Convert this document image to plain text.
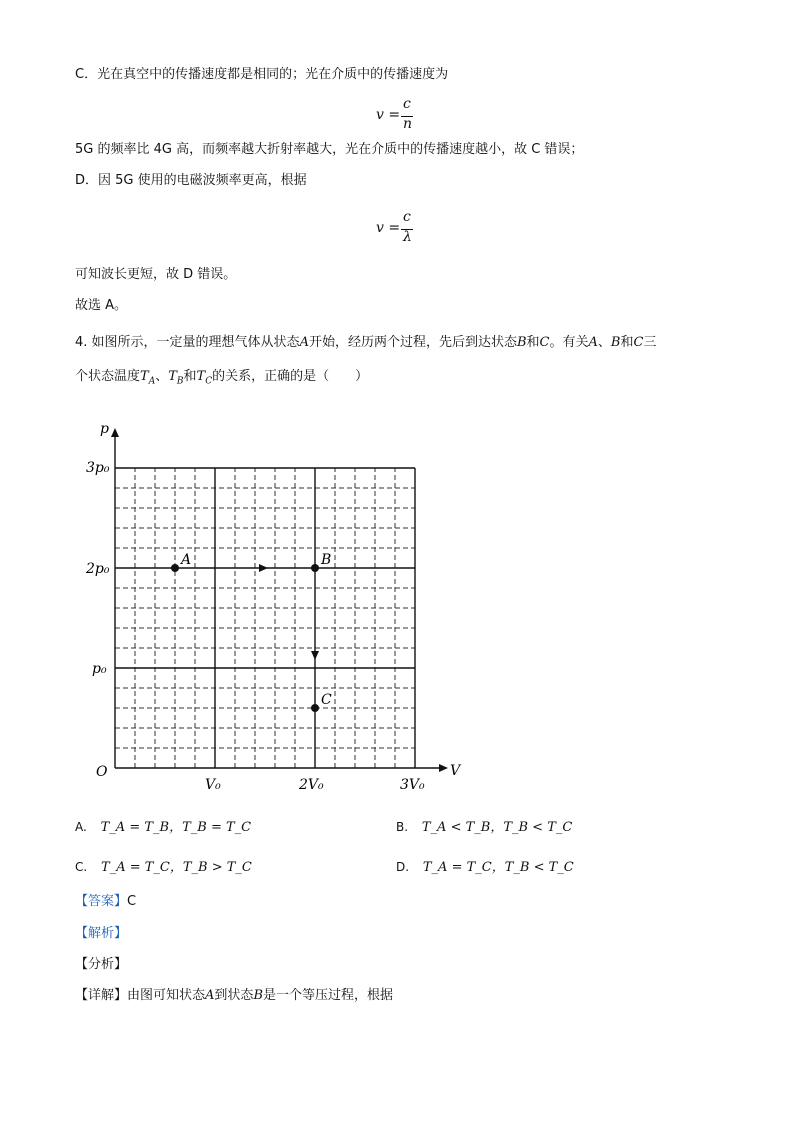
C．光在真空中的传播速度都是相同的；光在介质中的传播速度为
v =
c
n
5G 的频率比 4G 高，而频率越大折射率越大，光在介质中的传播速度越小，故 C 错误；
D．因 5G 使用的电磁波频率更高，根据
v =
c
λ
可知波长更短，故 D 错误。
故选 A。
4. 如图所示，一定量的理想气体从状态A开始，经历两个过程，先后到达状态B和C。有关A、B和C三
个状态温度$T_A$、$T_B$和$T_C$的关系，正确的是（　　）
p
V
O
3p₀
2p₀
p₀
V₀	2V₀	3V₀
A	B
C
A. T_A = T_B，T_B = T_C	B. T_A < T_B，T_B < T_C
C. T_A = T_C，T_B > T_C	D. T_A = T_C，T_B < T_C
【答案】C
【解析】
【分析】
【详解】由图可知状态A到状态B是一个等压过程，根据
